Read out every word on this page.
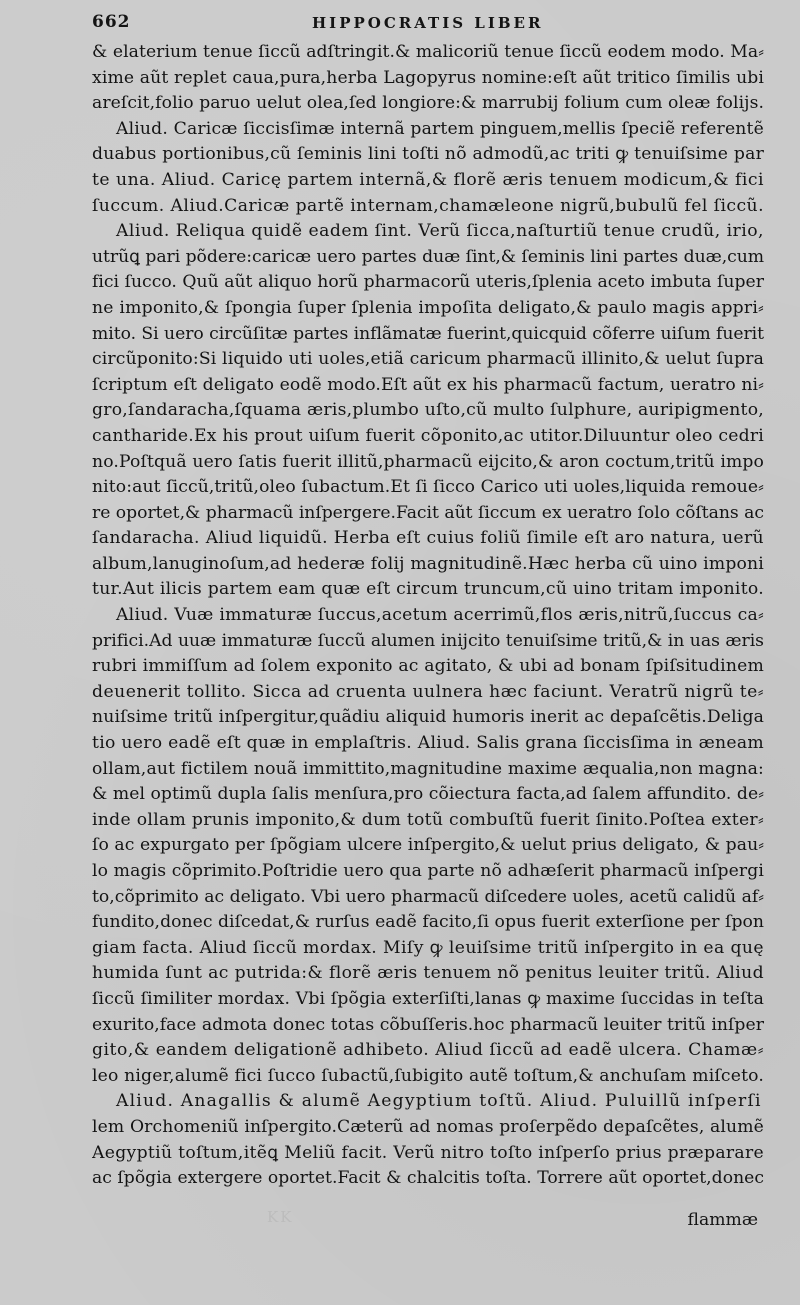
662	HIPPOCRATIS LIBER
& elaterium tenue ſiccũ adſtringit.& malicoriũ tenue ſiccũ eodem modo. Ma⸗
xime aũt replet caua,pura,herba Lagopyrus nomine:eſt aũt tritico ſimilis ubi
areſcit,folio paruo uelut olea,ſed longiore:& marrubij folium cum oleæ folijs.
Aliud. Caricæ ſiccisſimæ internã partem pinguem,mellis ſpeciẽ referentẽ
duabus portionibus,cũ ſeminis lini toſti nõ admodũ,ac triti ꝙ tenuiſsime par
te una. Aliud. Caricę partem internã,& florẽ æris tenuem modicum,& fici
ſuccum. Aliud.Caricæ partẽ internam,chamæleone nigrũ,bubulũ fel ſiccũ.
Aliud. Reliqua quidẽ eadem ſint. Verũ ſicca,naſturtiũ tenue crudũ, irio,
utrũꝗ pari põdere:caricæ uero partes duæ ſint,& ſeminis lini partes duæ,cum
fici ſucco. Quũ aũt aliquo horũ pharmacorũ uteris,ſplenia aceto imbuta ſuper
ne imponito,& ſpongia ſuper ſplenia impoſita deligato,& paulo magis appri⸗
mito. Si uero circũſitæ partes inflãmatæ fuerint,quicquid cõferre uiſum fuerit
circũponito:Si liquido uti uoles,etiã caricum pharmacũ illinito,& uelut ſupra
ſcriptum eſt deligato eodẽ modo.Eſt aũt ex his pharmacũ factum, ueratro ni⸗
gro,ſandaracha,ſquama æris,plumbo uſto,cũ multo ſulphure, auripigmento,
cantharide.Ex his prout uiſum fuerit cõponito,ac utitor.Diluuntur oleo cedri
no.Poſtquã uero ſatis fuerit illitũ,pharmacũ eijcito,& aron coctum,tritũ impo
nito:aut ſiccũ,tritũ,oleo ſubactum.Et ſi ſicco Carico uti uoles,liquida remoue⸗
re oportet,& pharmacũ inſpergere.Facit aũt ſiccum ex ueratro ſolo cõſtans ac
ſandaracha. Aliud liquidũ. Herba eſt cuius foliũ ſimile eſt aro natura, uerũ
album,lanuginoſum,ad hederæ folij magnitudinẽ.Hæc herba cũ uino imponi
tur.Aut ilicis partem eam quæ eſt circum truncum,cũ uino tritam imponito.
Aliud. Vuæ immaturæ ſuccus,acetum acerrimũ,flos æris,nitrũ,ſuccus ca⸗
prifici.Ad uuæ immaturæ ſuccũ alumen inijcito tenuiſsime tritũ,& in uas æris
rubri immiſſum ad ſolem exponito ac agitato, & ubi ad bonam ſpiſsitudinem
deuenerit tollito. Sicca ad cruenta uulnera hæc faciunt. Veratrũ nigrũ te⸗
nuiſsime tritũ inſpergitur,quãdiu aliquid humoris inerit ac depaſcẽtis.Deliga
tio uero eadẽ eſt quæ in emplaſtris. Aliud. Salis grana ſiccisſima in æneam
ollam,aut fictilem nouã immittito,magnitudine maxime æqualia,non magna:
& mel optimũ dupla ſalis menſura,pro cõiectura facta,ad ſalem affundito. de⸗
inde ollam prunis imponito,& dum totũ combuſtũ fuerit ſinito.Poſtea exter⸗
ſo ac expurgato per ſpõgiam ulcere inſpergito,& uelut prius deligato, & pau⸗
lo magis cõprimito.Poſtridie uero qua parte nõ adhæſerit pharmacũ inſpergi
to,cõprimito ac deligato. Vbi uero pharmacũ diſcedere uoles, acetũ calidũ af⸗
fundito,donec diſcedat,& rurſus eadẽ facito,ſi opus fuerit exterſione per ſpon
giam facta. Aliud ſiccũ mordax. Miſy ꝙ leuiſsime tritũ inſpergito in ea quę
humida ſunt ac putrida:& florẽ æris tenuem nõ penitus leuiter tritũ. Aliud
ſiccũ ſimiliter mordax. Vbi ſpõgia exterſiſti,lanas ꝙ maxime ſuccidas in teſta
exurito,face admota donec totas cõbuſſeris.hoc pharmacũ leuiter tritũ inſper
gito,& eandem deligationẽ adhibeto. Aliud ſiccũ ad eadẽ ulcera. Chamæ⸗
leo niger,alumẽ fici ſucco ſubactũ,ſubigito autẽ toſtum,& anchuſam miſceto.
Aliud. Anagallis & alumẽ Aegyptium toſtũ. Aliud. Puluillũ inſperſi
lem Orchomeniũ inſpergito.Cæterũ ad nomas proſerpẽdo depaſcẽtes, alumẽ
Aegyptiũ toſtum,itẽꝗ Meliũ facit. Verũ nitro toſto inſperſo prius præparare
ac ſpõgia extergere oportet.Facit & chalcitis toſta. Torrere aũt oportet,donec
KK	flammæ
